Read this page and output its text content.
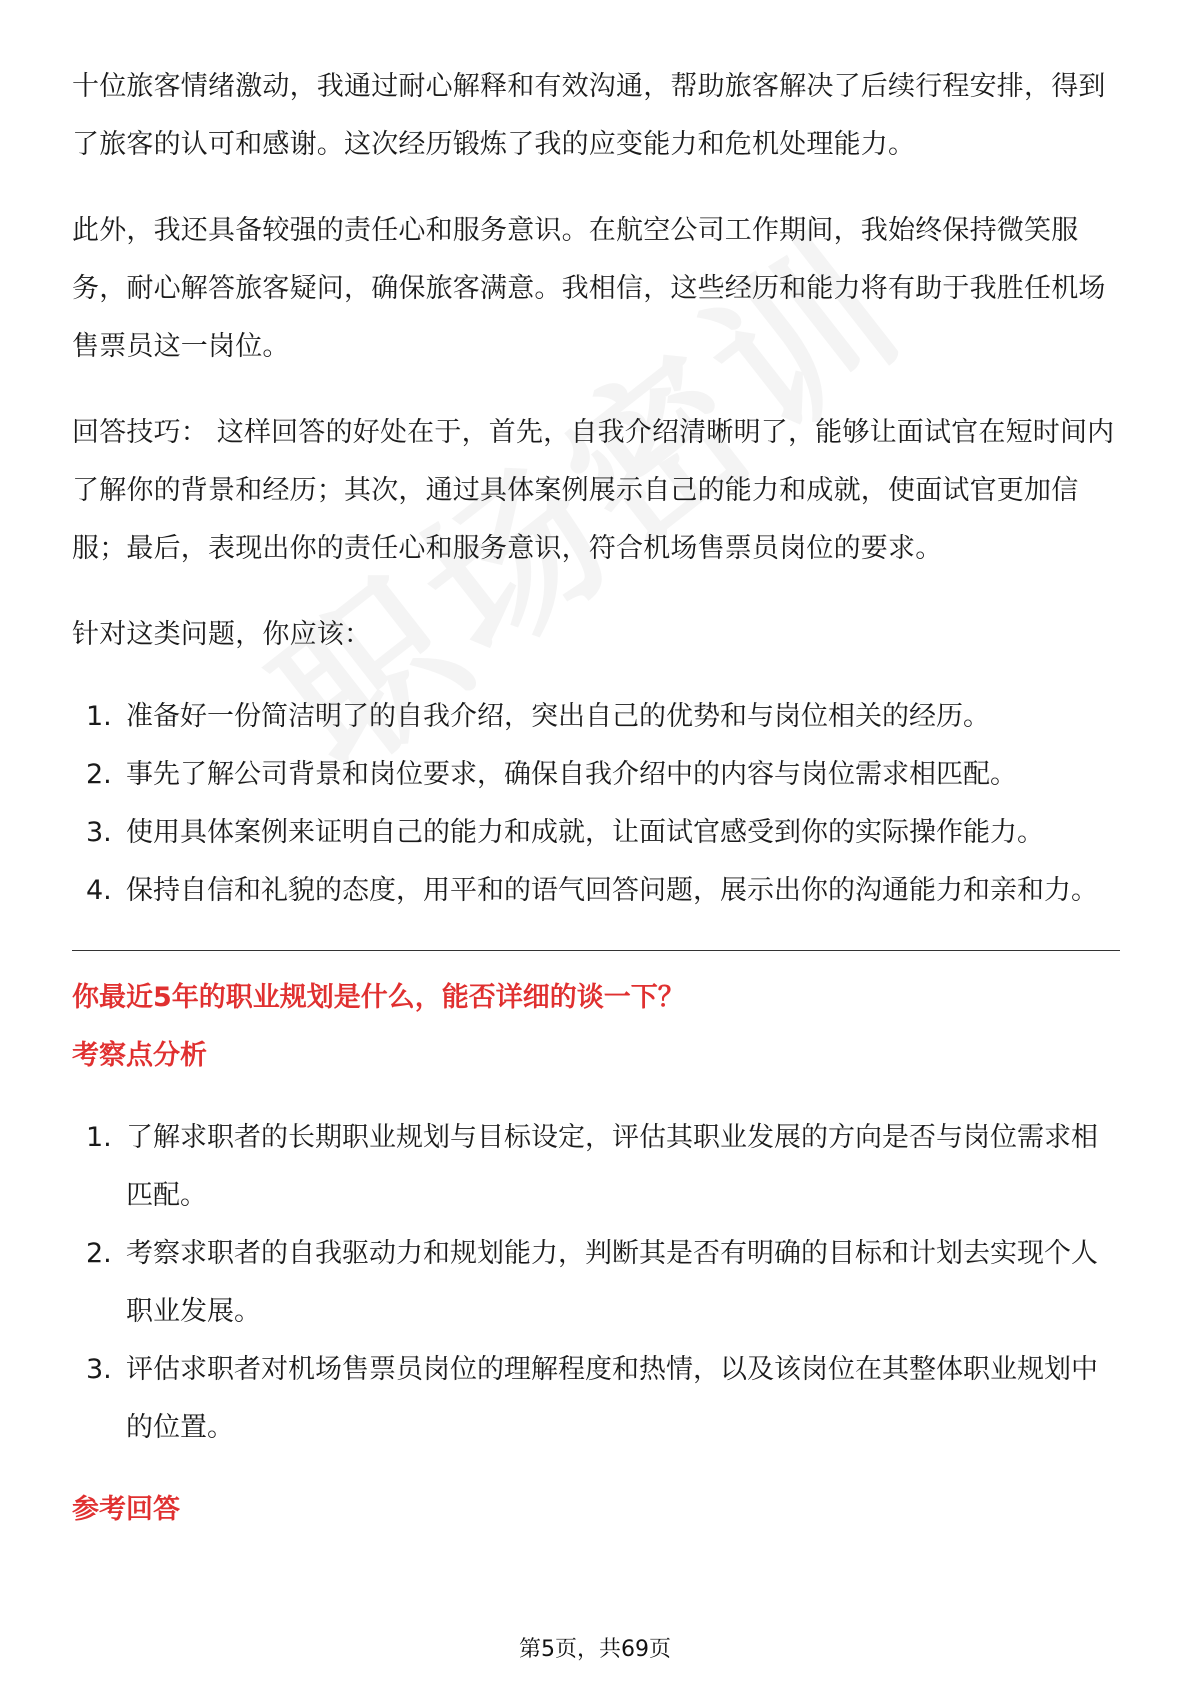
十位旅客情绪激动，我通过耐心解释和有效沟通，帮助旅客解决了后续行程安排，得到了旅客的认可和感谢。这次经历锻炼了我的应变能力和危机处理能力。

此外，我还具备较强的责任心和服务意识。在航空公司工作期间，我始终保持微笑服务，耐心解答旅客疑问，确保旅客满意。我相信，这些经历和能力将有助于我胜任机场售票员这一岗位。

回答技巧： 这样回答的好处在于，首先，自我介绍清晰明了，能够让面试官在短时间内了解你的背景和经历；其次，通过具体案例展示自己的能力和成就，使面试官更加信服；最后，表现出你的责任心和服务意识，符合机场售票员岗位的要求。

针对这类问题，你应该：

1. 准备好一份简洁明了的自我介绍，突出自己的优势和与岗位相关的经历。
2. 事先了解公司背景和岗位要求，确保自我介绍中的内容与岗位需求相匹配。
3. 使用具体案例来证明自己的能力和成就，让面试官感受到你的实际操作能力。
4. 保持自信和礼貌的态度，用平和的语气回答问题，展示出你的沟通能力和亲和力。

你最近5年的职业规划是什么，能否详细的谈一下？

考察点分析

1. 了解求职者的长期职业规划与目标设定，评估其职业发展的方向是否与岗位需求相匹配。
2. 考察求职者的自我驱动力和规划能力，判断其是否有明确的目标和计划去实现个人职业发展。
3. 评估求职者对机场售票员岗位的理解程度和热情，以及该岗位在其整体职业规划中的位置。

参考回答

第5页，共69页
